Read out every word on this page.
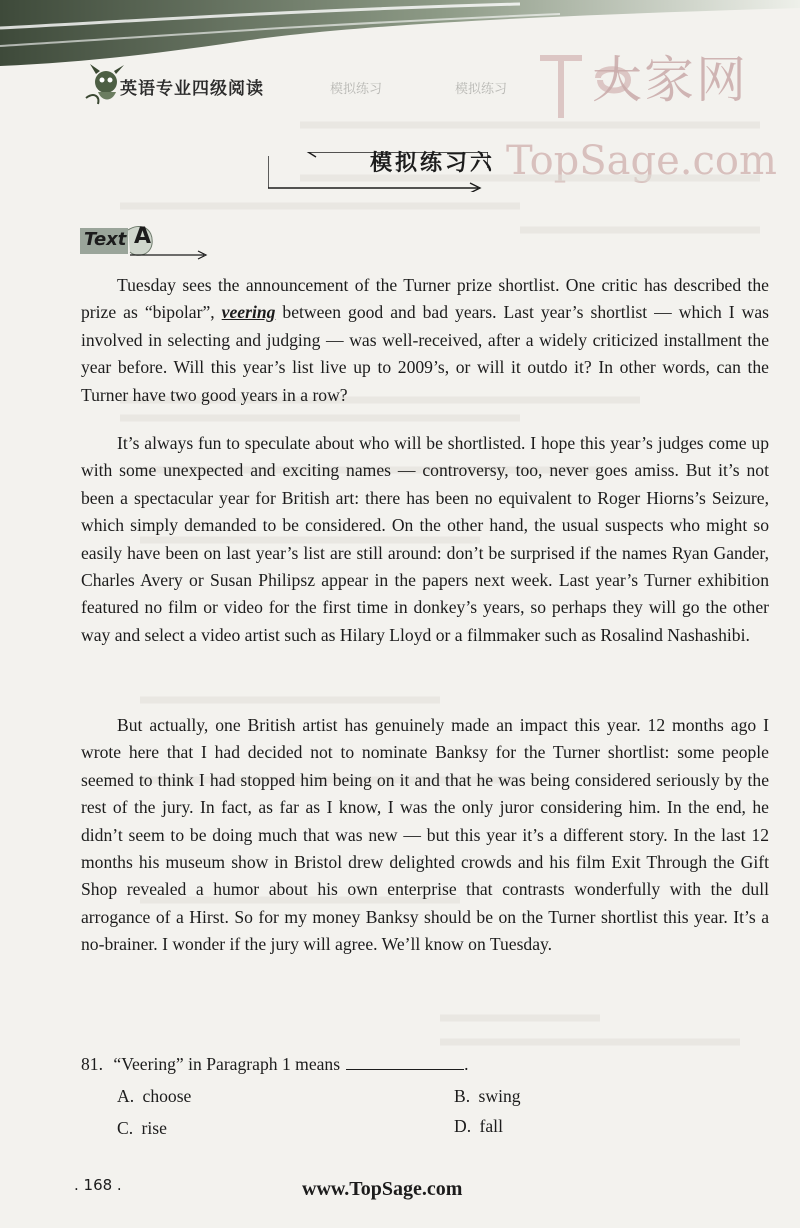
英语专业四级阅读	模拟练习	模拟练习 大家网
TopSage.com
模拟练习六
Text A

Tuesday sees the announcement of the Turner prize shortlist. One critic has described the prize as “bipolar”, veering between good and bad years. Last year’s shortlist — which I was involved in selecting and judging — was well-received, after a widely criticized installment the year before. Will this year’s list live up to 2009’s, or will it outdo it? In other words, can the Turner have two good years in a row?

It’s always fun to speculate about who will be shortlisted. I hope this year’s judges come up with some unexpected and exciting names — controversy, too, never goes amiss. But it’s not been a spectacular year for British art: there has been no equivalent to Roger Hiorns’s Seizure, which simply demanded to be considered. On the other hand, the usual suspects who might so easily have been on last year’s list are still around: don’t be surprised if the names Ryan Gander, Charles Avery or Susan Philipsz appear in the papers next week. Last year’s Turner exhibition featured no film or video for the first time in donkey’s years, so perhaps they will go the other way and select a video artist such as Hilary Lloyd or a filmmaker such as Rosalind Nashashibi.

But actually, one British artist has genuinely made an impact this year. 12 months ago I wrote here that I had decided not to nominate Banksy for the Turner shortlist: some people seemed to think I had stopped him being on it and that he was being considered seriously by the rest of the jury. In fact, as far as I know, I was the only juror considering him. In the end, he didn’t seem to be doing much that was new — but this year it’s a different story. In the last 12 months his museum show in Bristol drew delighted crowds and his film Exit Through the Gift Shop revealed a humor about his own enterprise that contrasts wonderfully with the dull arrogance of a Hirst. So for my money Banksy should be on the Turner shortlist this year. It’s a no-brainer. I wonder if the jury will agree. We’ll know on Tuesday.

81. “Veering” in Paragraph 1 means	.
A. choose	B. swing
C. rise	D. fall
. 168 .	www.TopSage.com
